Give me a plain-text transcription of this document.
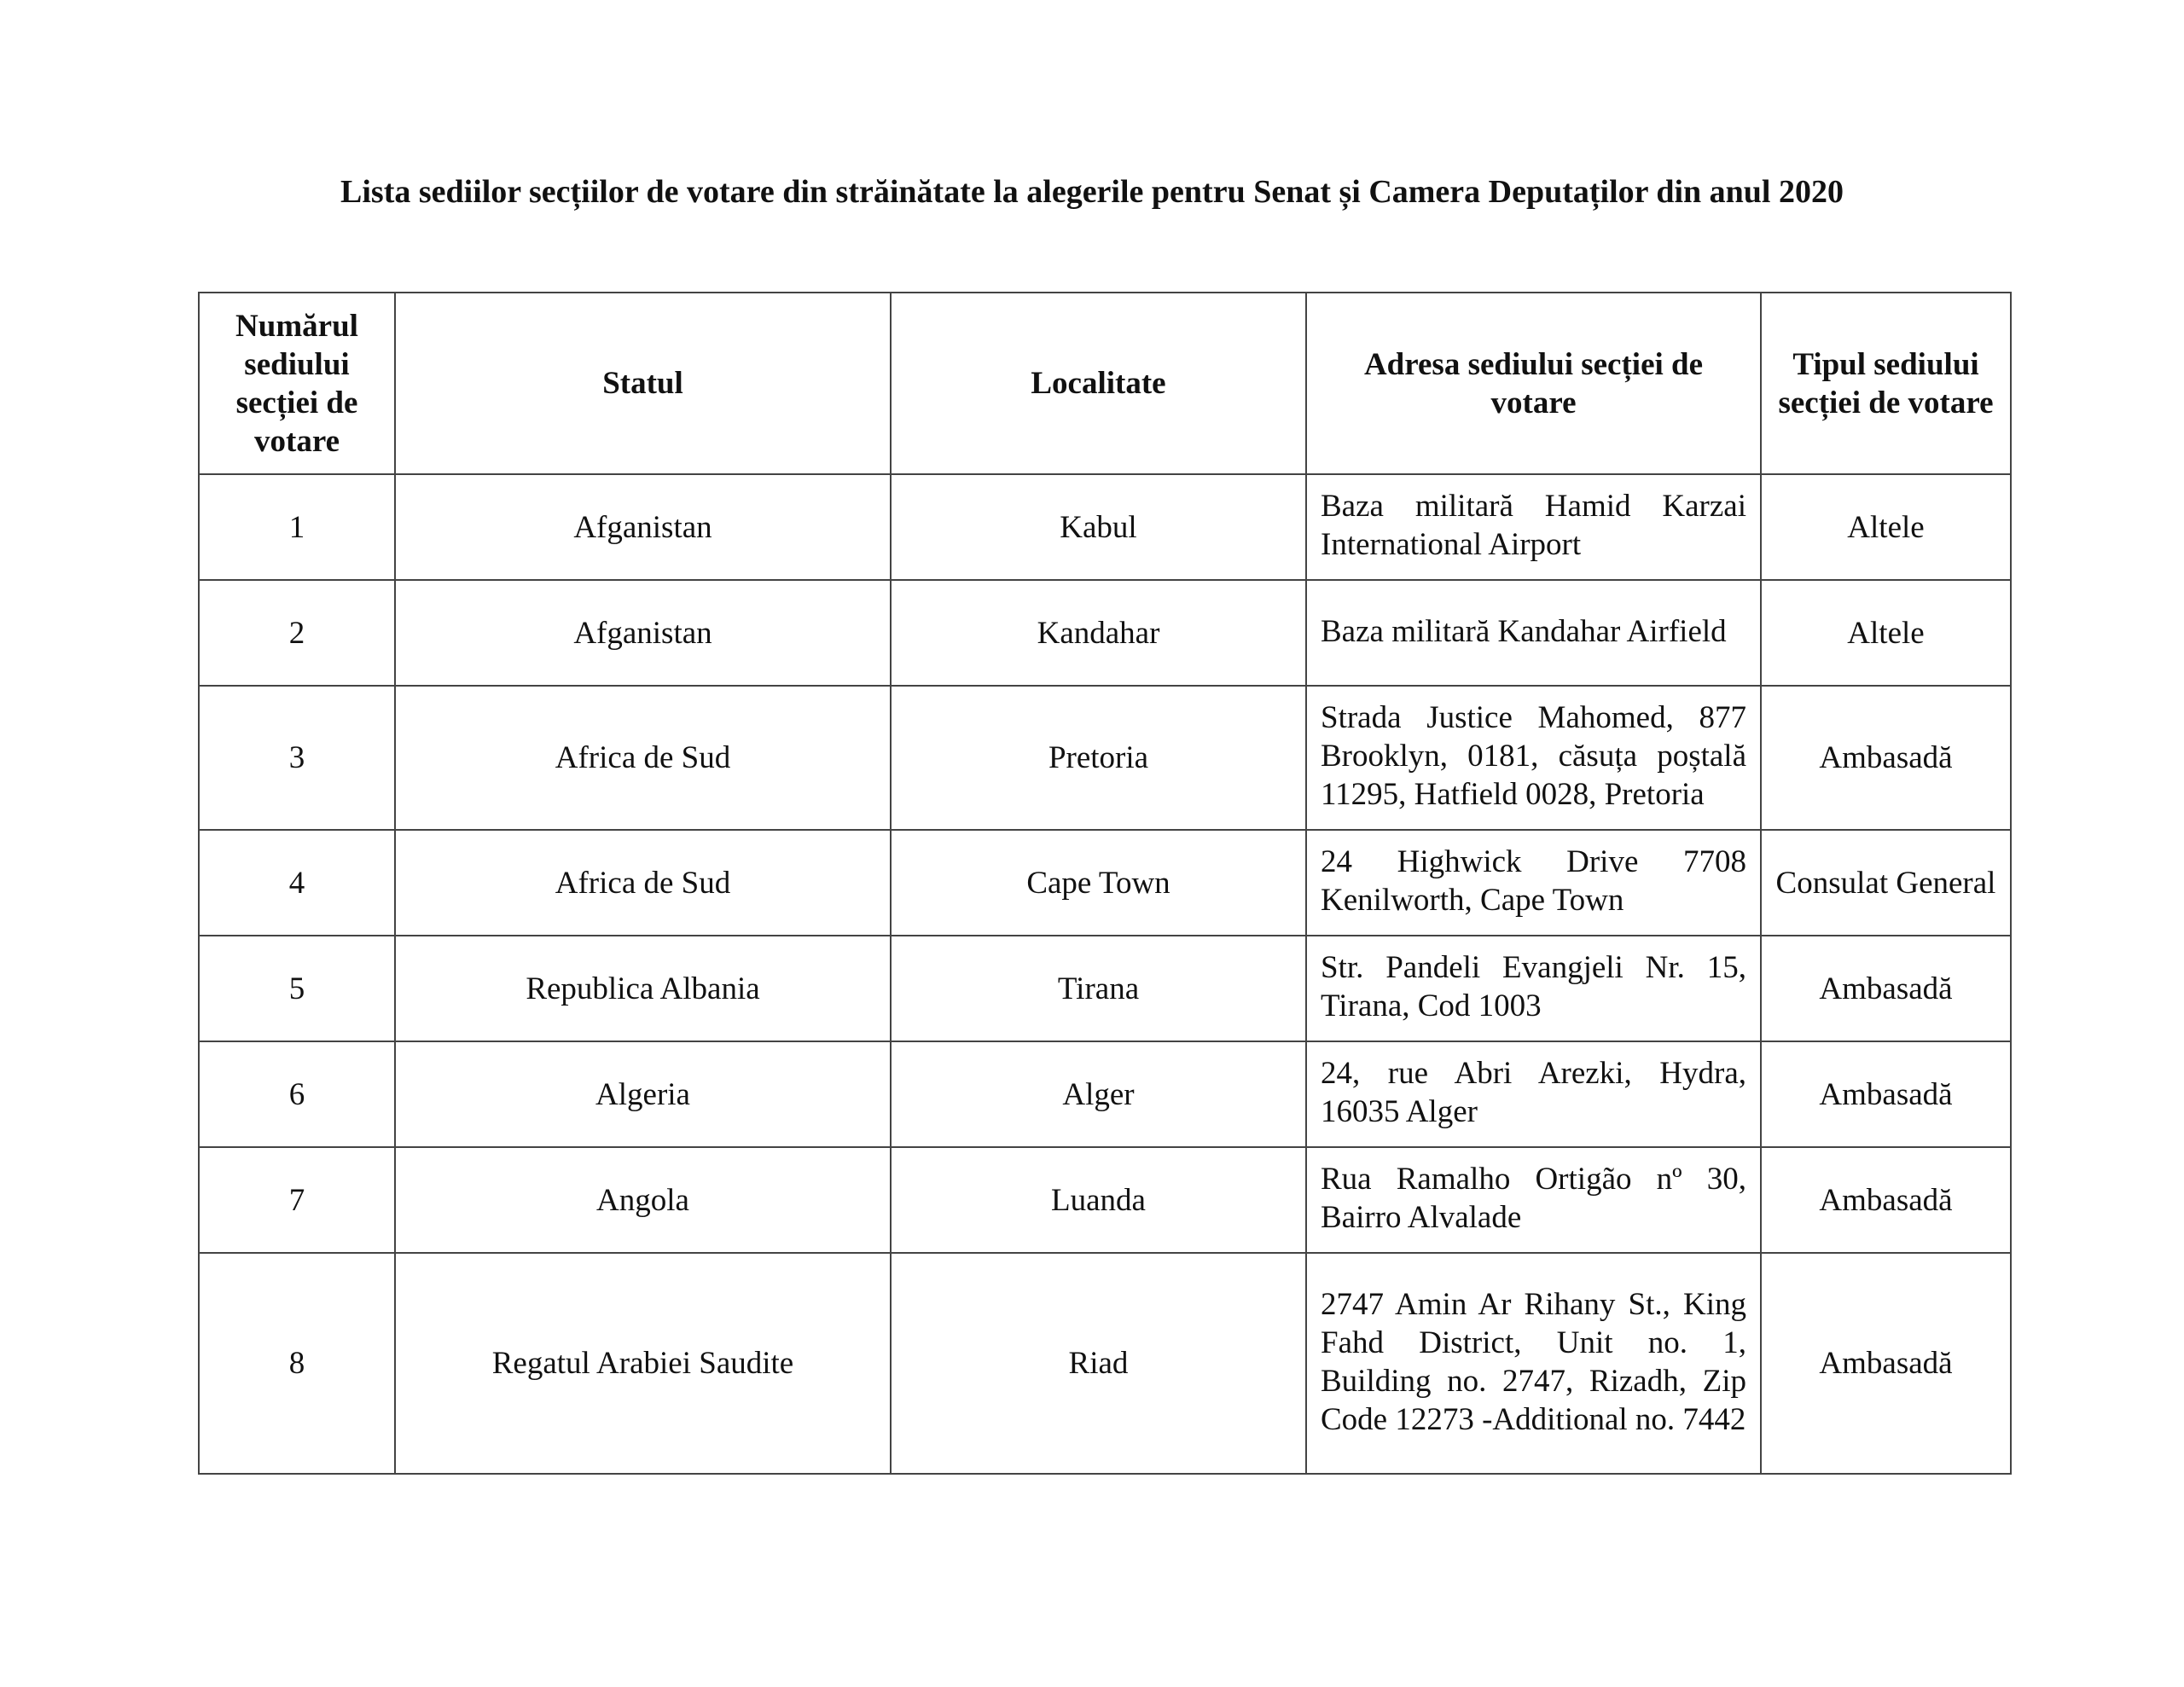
Lista sediilor secțiilor de votare din străinătate la alegerile pentru Senat și Camera Deputaților din anul 2020
Numărul sediului secției de votare	Statul	Localitate	Adresa sediului secției de votare	Tipul sediului secției de votare
1	Afganistan	Kabul	Baza militară Hamid Karzai International Airport	Altele
2	Afganistan	Kandahar	Baza militară Kandahar Airfield	Altele
3	Africa de Sud	Pretoria	Strada Justice Mahomed, 877 Brooklyn, 0181, căsuța poștală 11295, Hatfield 0028, Pretoria	Ambasadă
4	Africa de Sud	Cape Town	24 Highwick Drive 7708 Kenilworth, Cape Town	Consulat General
5	Republica Albania	Tirana	Str. Pandeli Evangjeli Nr. 15, Tirana, Cod 1003	Ambasadă
6	Algeria	Alger	24, rue Abri Arezki, Hydra, 16035 Alger	Ambasadă
7	Angola	Luanda	Rua Ramalho Ortigão nº 30, Bairro Alvalade	Ambasadă
8	Regatul Arabiei Saudite	Riad	2747 Amin Ar Rihany St., King Fahd District, Unit no. 1, Building no. 2747, Rizadh, Zip Code 12273 -Additional no. 7442	Ambasadă
